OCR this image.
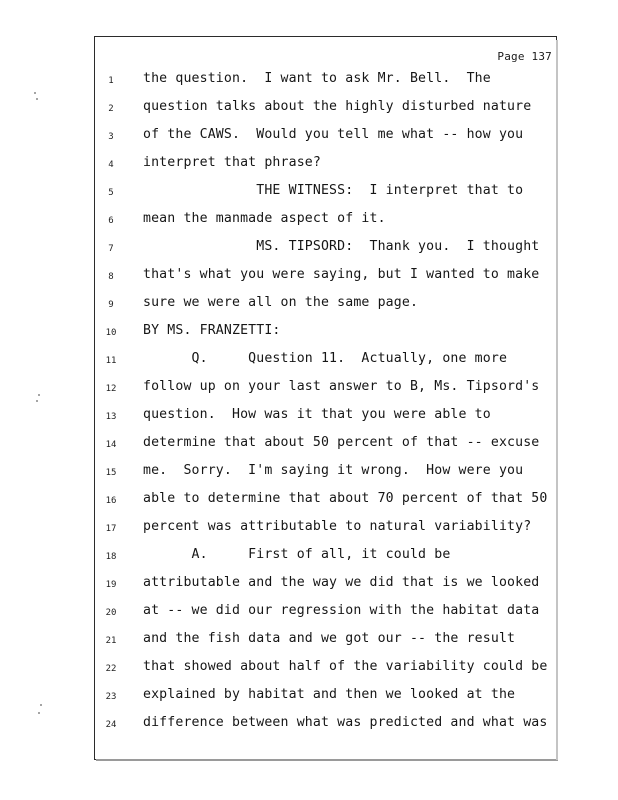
Page 137
1	the question.  I want to ask Mr. Bell.  The
2	question talks about the highly disturbed nature
3	of the CAWS.  Would you tell me what -- how you
4	interpret that phrase?
5	THE WITNESS:  I interpret that to
6	mean the manmade aspect of it.
7	MS. TIPSORD:  Thank you.  I thought
8	that's what you were saying, but I wanted to make
9	sure we were all on the same page.
10	BY MS. FRANZETTI:
11	Q.     Question 11.  Actually, one more
12	follow up on your last answer to B, Ms. Tipsord's
13	question.  How was it that you were able to
14	determine that about 50 percent of that -- excuse
15	me.  Sorry.  I'm saying it wrong.  How were you
16	able to determine that about 70 percent of that 50
17	percent was attributable to natural variability?
18	A.     First of all, it could be
19	attributable and the way we did that is we looked
20	at -- we did our regression with the habitat data
21	and the fish data and we got our -- the result
22	that showed about half of the variability could be
23	explained by habitat and then we looked at the
24	difference between what was predicted and what was
